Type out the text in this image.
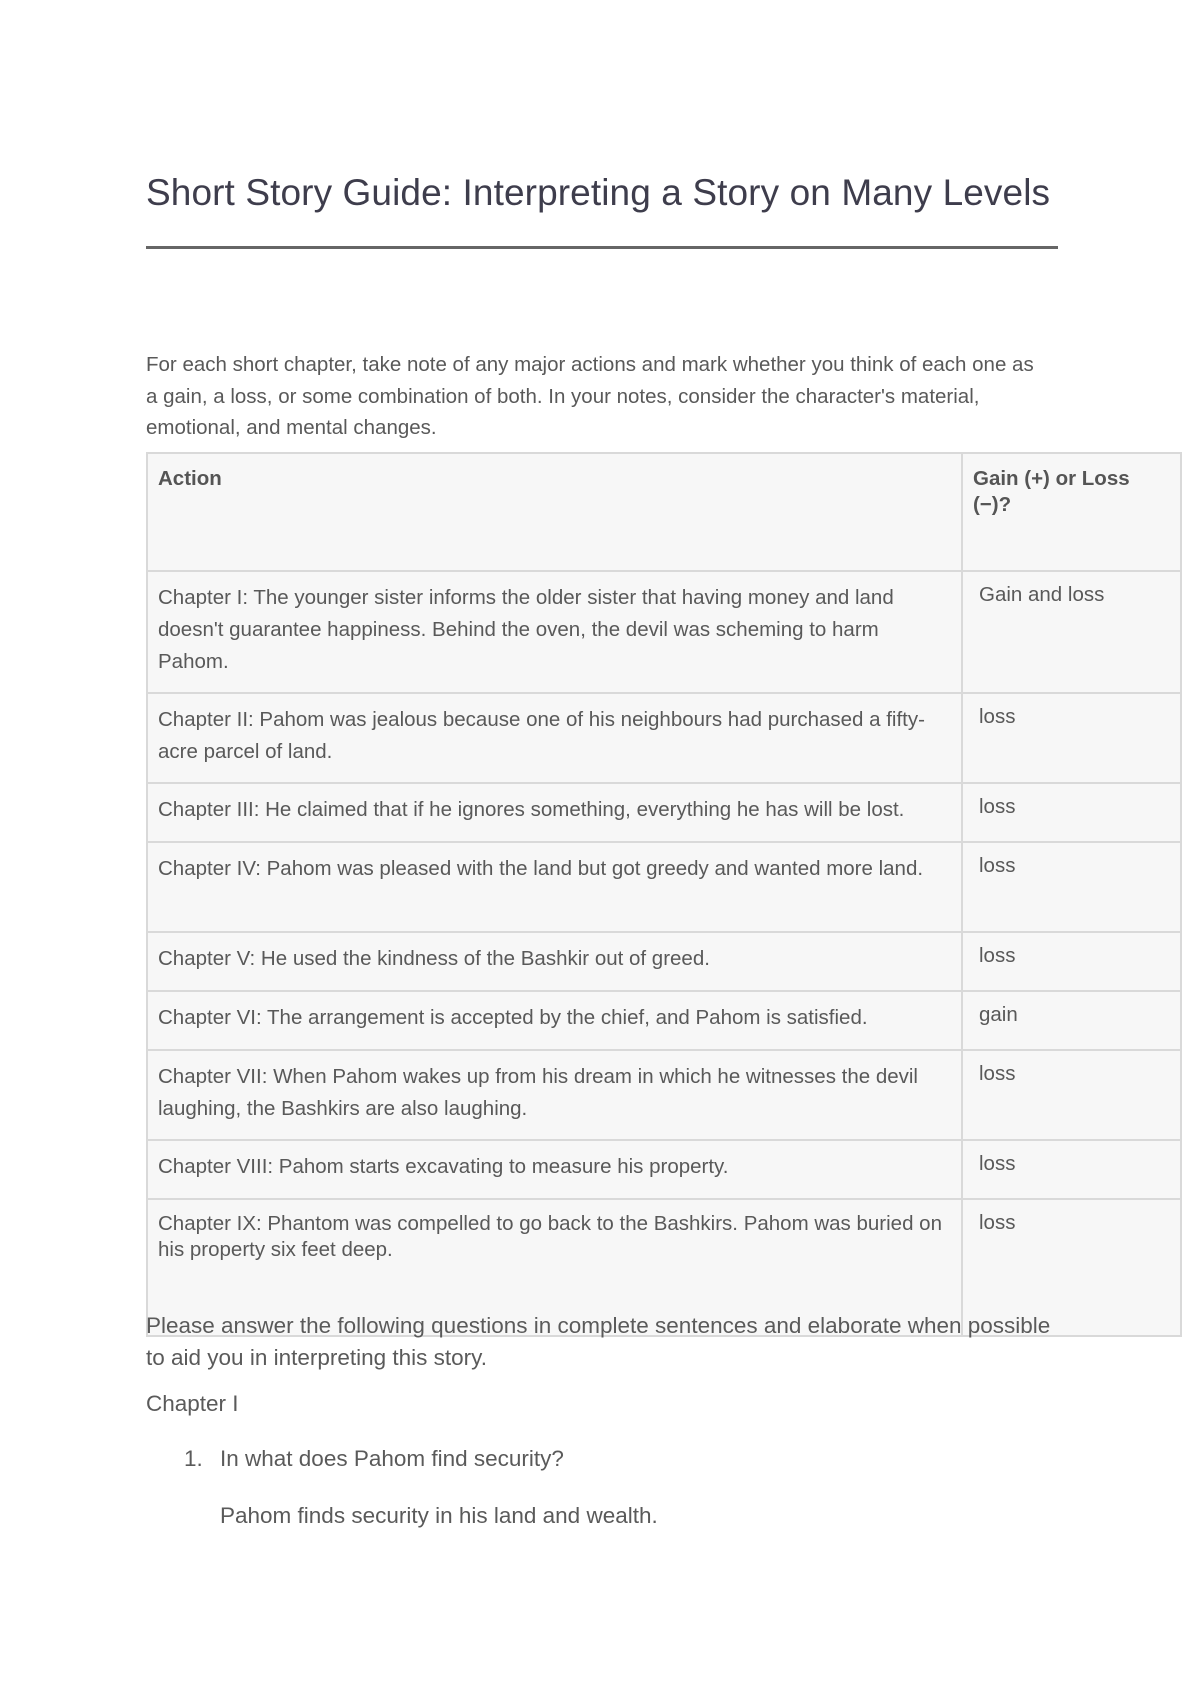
Short Story Guide: Interpreting a Story on Many Levels

For each short chapter, take note of any major actions and mark whether you think of each one as a gain, a loss, or some combination of both. In your notes, consider the character's material, emotional, and mental changes.

Action	Gain (+) or Loss (−)?
Chapter I: The younger sister informs the older sister that having money and land doesn't guarantee happiness. Behind the oven, the devil was scheming to harm Pahom.	Gain and loss
Chapter II: Pahom was jealous because one of his neighbours had purchased a fifty-acre parcel of land.	loss
Chapter III: He claimed that if he ignores something, everything he has will be lost.	loss
Chapter IV: Pahom was pleased with the land but got greedy and wanted more land.	loss
Chapter V: He used the kindness of the Bashkir out of greed.	loss
Chapter VI: The arrangement is accepted by the chief, and Pahom is satisfied.	gain
Chapter VII: When Pahom wakes up from his dream in which he witnesses the devil laughing, the Bashkirs are also laughing.	loss
Chapter VIII: Pahom starts excavating to measure his property.	loss
Chapter IX: Phantom was compelled to go back to the Bashkirs. Pahom was buried on his property six feet deep.	loss

Please answer the following questions in complete sentences and elaborate when possible to aid you in interpreting this story.

Chapter I
1. In what does Pahom find security?
Pahom finds security in his land and wealth.
